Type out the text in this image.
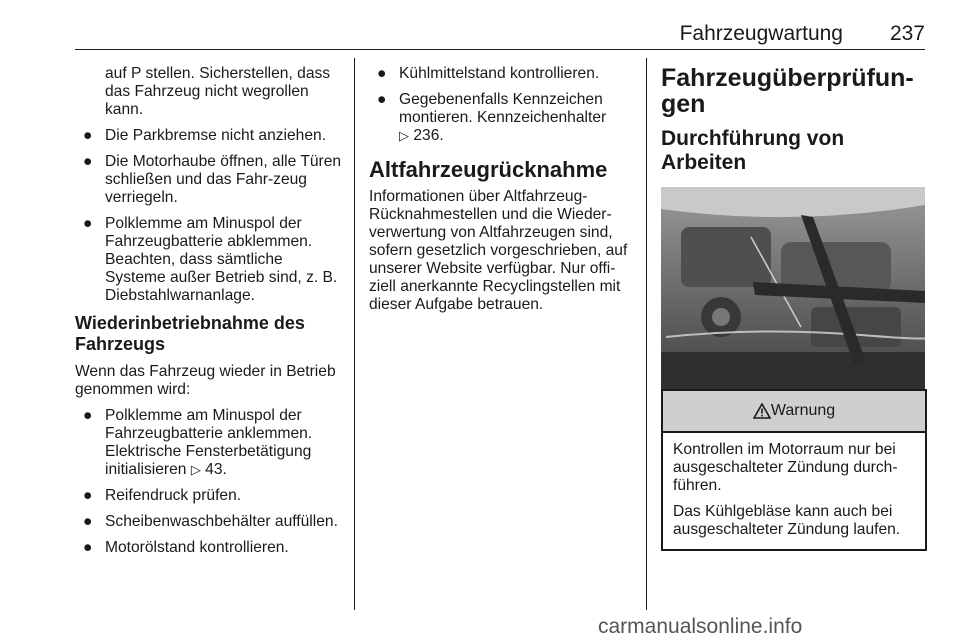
Fahrzeugwartung 237

auf P stellen. Sicherstellen, dass das Fahrzeug nicht wegrollen kann.

● Die Parkbremse nicht anziehen.
● Die Motorhaube öffnen, alle Türen schließen und das Fahr-zeug verriegeln.
● Polklemme am Minuspol der Fahrzeugbatterie abklemmen. Beachten, dass sämtliche Systeme außer Betrieb sind, z. B. Diebstahlwarnanlage.
Wiederinbetriebnahme des Fahrzeugs

Wenn das Fahrzeug wieder in Betrieb genommen wird:

● Polklemme am Minuspol der Fahrzeugbatterie anklemmen. Elektrische Fensterbetätigung initialisieren ▷ 43.
● Reifendruck prüfen.
● Scheibenwaschbehälter auffüllen.
● Motorölstand kontrollieren.
● Kühlmittelstand kontrollieren.
● Gegebenenfalls Kennzeichen montieren. Kennzeichenhalter
▷ 236.
Altfahrzeugrücknahme

Informationen über Altfahrzeug-Rücknahmestellen und die Wieder-verwertung von Altfahrzeugen sind, sofern gesetzlich vorgeschrieben, auf unserer Website verfügbar. Nur offi-ziell anerkannte Recyclingstellen mit dieser Aufgabe betrauen.

Fahrzeugüberprüfun-gen
Durchführung von Arbeiten
Warnung

Kontrollen im Motorraum nur bei ausgeschalteter Zündung durch-führen.

Das Kühlgebläse kann auch bei ausgeschalteter Zündung laufen.

carmanualsonline.info
